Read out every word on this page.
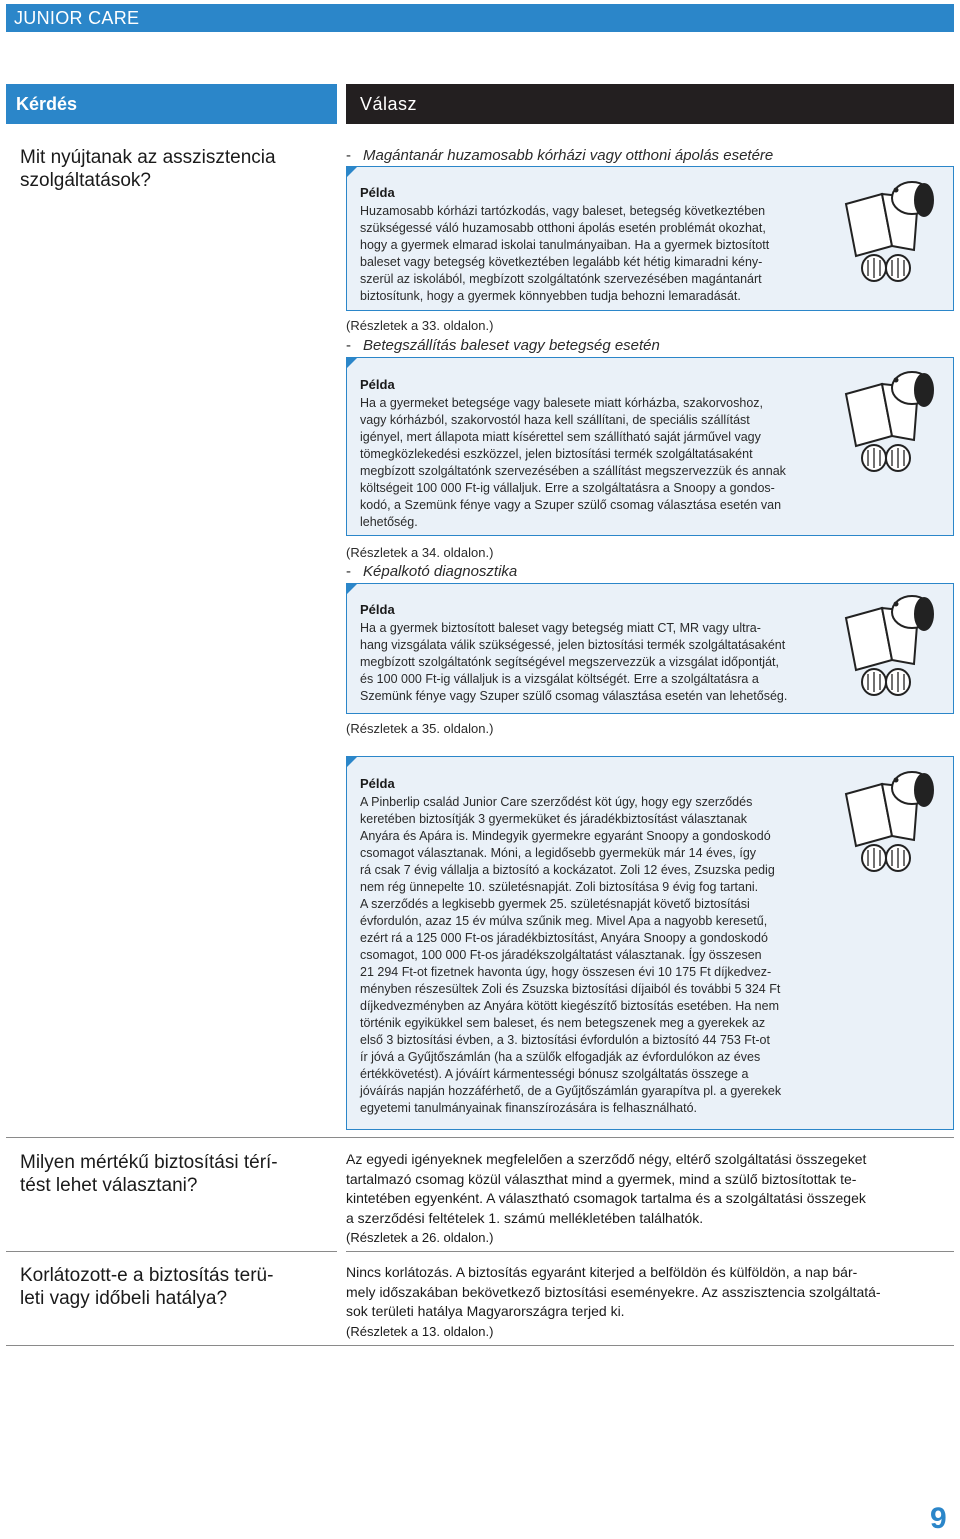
JUNIOR CARE
Kérdés	Válasz
Mit nyújtanak az asszisztencia
szolgáltatások?
- Magántanár huzamosabb kórházi vagy otthoni ápolás esetére
Példa
Huzamosabb kórházi tartózkodás, vagy baleset, betegség következtében
szükségessé váló huzamosabb otthoni ápolás esetén problémát okozhat,
hogy a gyermek elmarad iskolai tanulmányaiban. Ha a gyermek biztosított
baleset vagy betegség következtében legalább két hétig kimaradni kény-
szerül az iskolából, megbízott szolgáltatónk szervezésében magántanárt
biztosítunk, hogy a gyermek könnyebben tudja behozni lemaradását.
(Részletek a 33. oldalon.)
- Betegszállítás baleset vagy betegség esetén
Példa
Ha a gyermeket betegsége vagy balesete miatt kórházba, szakorvoshoz,
vagy kórházból, szakorvostól haza kell szállítani, de speciális szállítást
igényel, mert állapota miatt kísérettel sem szállítható saját járművel vagy
tömegközlekedési eszközzel, jelen biztosítási termék szolgáltatásaként
megbízott szolgáltatónk szervezésében a szállítást megszervezzük és annak
költségeit 100 000 Ft-ig vállaljuk. Erre a szolgáltatásra a Snoopy a gondos-
kodó, a Szemünk fénye vagy a Szuper szülő csomag választása esetén van
lehetőség.
(Részletek a 34. oldalon.)
- Képalkotó diagnosztika
Példa
Ha a gyermek biztosított baleset vagy betegség miatt CT, MR vagy ultra-
hang vizsgálata válik szükségessé, jelen biztosítási termék szolgáltatásaként
megbízott szolgáltatónk segítségével megszervezzük a vizsgálat időpontját,
és 100 000 Ft-ig vállaljuk is a vizsgálat költségét. Erre a szolgáltatásra a
Szemünk fénye vagy Szuper szülő csomag választása esetén van lehetőség.
(Részletek a 35. oldalon.)
Példa
A Pinberlip család Junior Care szerződést köt úgy, hogy egy szerződés
keretében biztosítják 3 gyermeküket és járadékbiztosítást választanak
Anyára és Apára is. Mindegyik gyermekre egyaránt Snoopy a gondoskodó
csomagot választanak. Móni, a legidősebb gyermekük már 14 éves, így
rá csak 7 évig vállalja a biztosító a kockázatot. Zoli 12 éves, Zsuzska pedig
nem rég ünnepelte 10. születésnapját. Zoli biztosítása 9 évig fog tartani.
A szerződés a legkisebb gyermek 25. születésnapját követő biztosítási
évfordulón, azaz 15 év múlva szűnik meg. Mivel Apa a nagyobb keresetű,
ezért rá a 125 000 Ft-os járadékbiztosítást, Anyára Snoopy a gondoskodó
csomagot, 100 000 Ft-os járadékszolgáltatást választanak. Így összesen
21 294 Ft-ot fizetnek havonta úgy, hogy összesen évi 10 175 Ft díjkedvez-
ményben részesültek Zoli és Zsuzska biztosítási díjaiból és további 5 324 Ft
díjkedvezményben az Anyára kötött kiegészítő biztosítás esetében. Ha nem
történik egyikükkel sem baleset, és nem betegszenek meg a gyerekek az
első 3 biztosítási évben, a 3. biztosítási évfordulón a biztosító 44 753 Ft-ot
ír jóvá a Gyűjtőszámlán (ha a szülők elfogadják az évfordulókon az éves
értékkövetést). A jóváírt kármentességi bónusz szolgáltatás összege a
jóváírás napján hozzáférhető, de a Gyűjtőszámlán gyarapítva pl. a gyerekek
egyetemi tanulmányainak finanszírozására is felhasználható.
Milyen mértékű biztosítási térí-
tést lehet választani?
Az egyedi igényeknek megfelelően a szerződő négy, eltérő szolgáltatási összegeket
tartalmazó csomag közül választhat mind a gyermek, mind a szülő biztosítottak te-
kintetében egyenként. A választható csomagok tartalma és a szolgáltatási összegek
a szerződési feltételek 1. számú mellékletében találhatók.
(Részletek a 26. oldalon.)
Korlátozott-e a biztosítás terü-
leti vagy időbeli hatálya?
Nincs korlátozás. A biztosítás egyaránt kiterjed a belföldön és külföldön, a nap bár-
mely időszakában bekövetkező biztosítási eseményekre. Az asszisztencia szolgáltatá-
sok területi hatálya Magyarországra terjed ki.
(Részletek a 13. oldalon.)
9
